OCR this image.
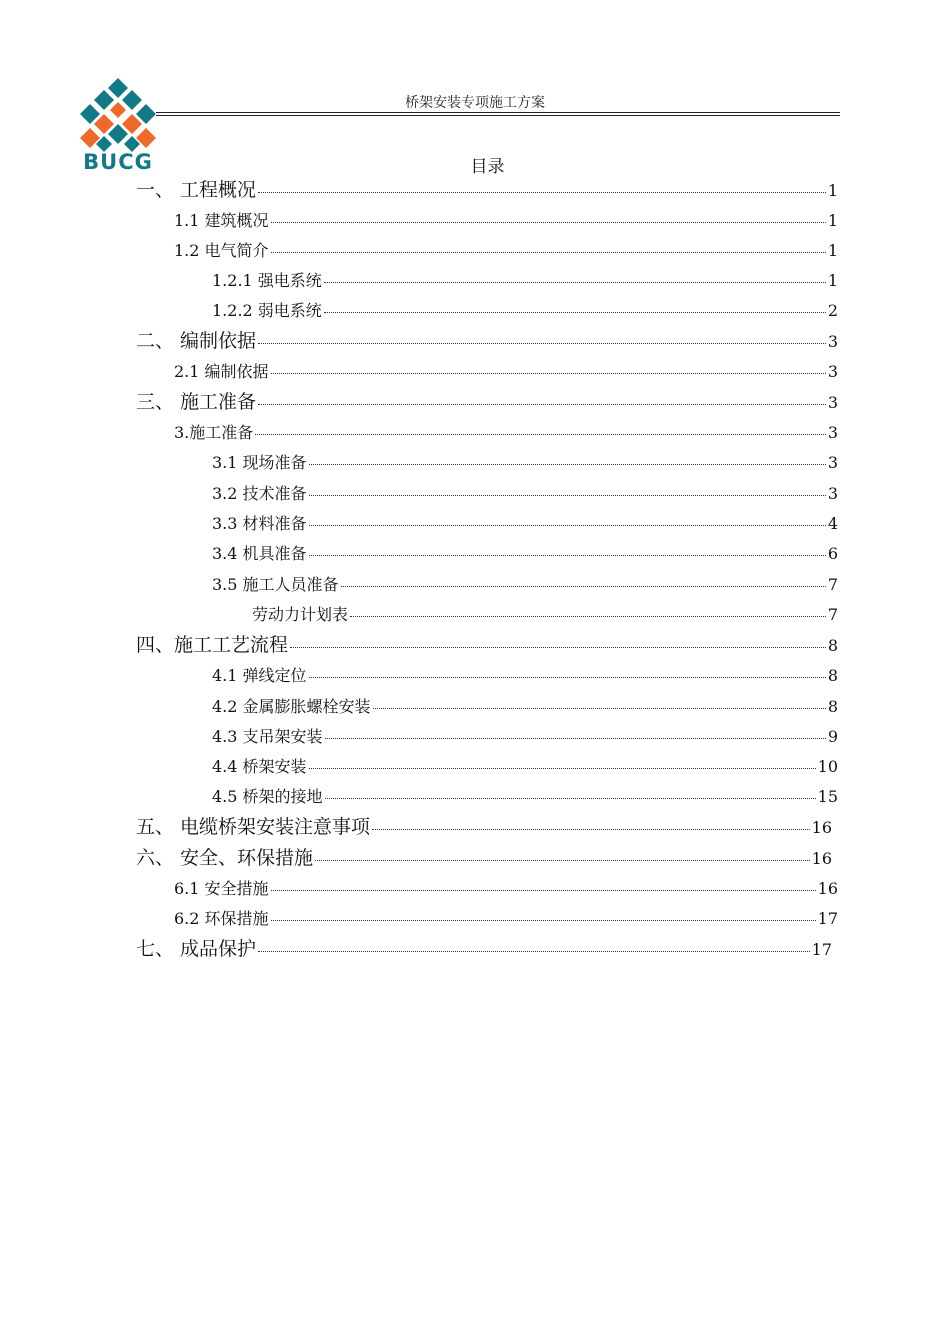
BUCG
桥架安装专项施工方案
目录
一、 工程概况	1
1.1 建筑概况	1
1.2 电气简介	1
1.2.1 强电系统	1
1.2.2 弱电系统	2
二、 编制依据	3
2.1 编制依据	3
三、 施工准备	3
3.施工准备	3
3.1 现场准备	3
3.2 技术准备	3
3.3 材料准备	4
3.4 机具准备	6
3.5 施工人员准备	7
劳动力计划表	7
四、施工工艺流程	8
4.1 弹线定位	8
4.2 金属膨胀螺栓安装	8
4.3 支吊架安装	9
4.4 桥架安装	10
4.5 桥架的接地	15
五、 电缆桥架安装注意事项	16
六、 安全、环保措施	16
6.1 安全措施	16
6.2 环保措施	17
七、 成品保护	17
